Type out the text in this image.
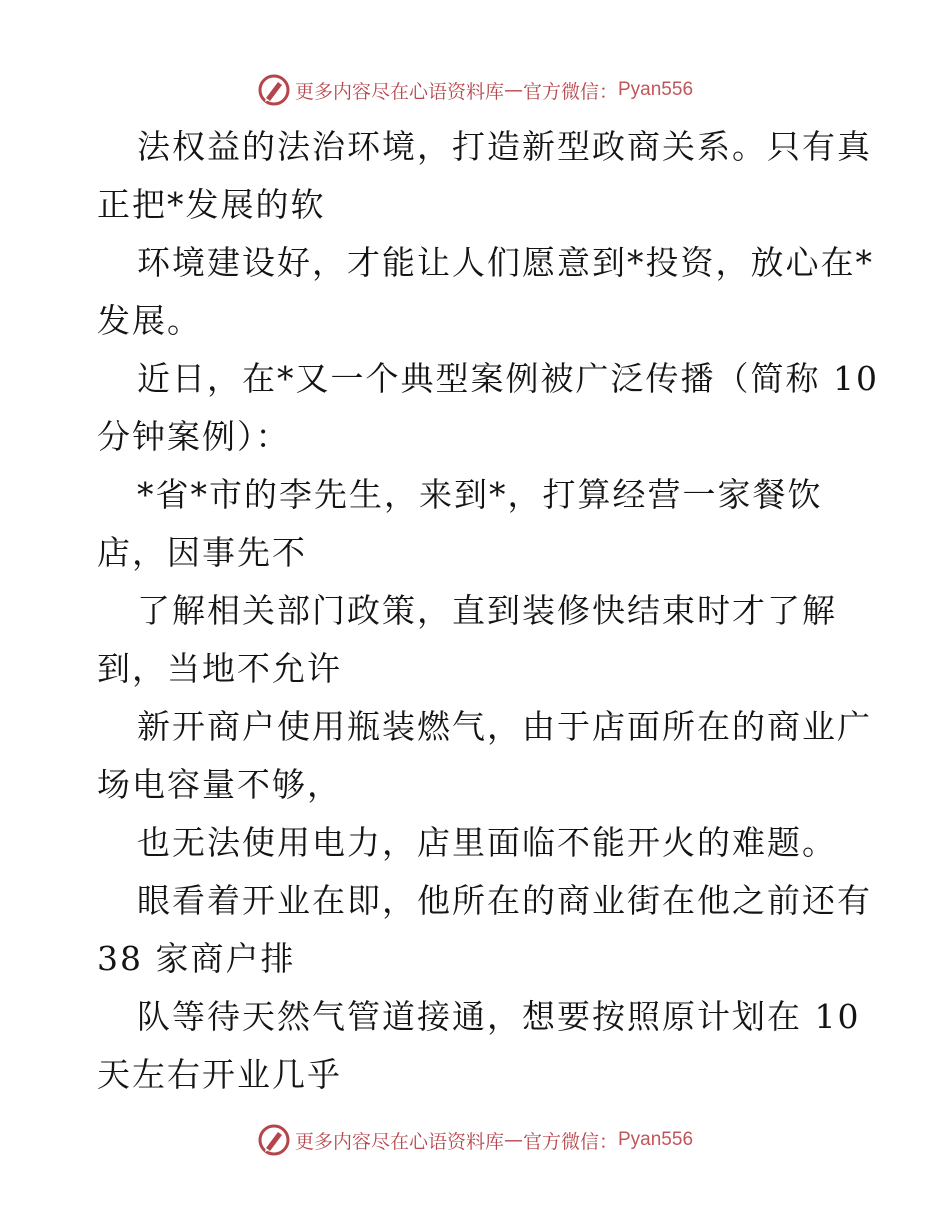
更多内容尽在心语资料库 — 官方微信： Pyan556
法权益的法治环境，打造新型政商关系。只有真
正把*发展的软
环境建设好，才能让人们愿意到*投资，放心在*
发展。
近日，在*又一个典型案例被广泛传播（简称 10
分钟案例）：
*省*市的李先生，来到*，打算经营一家餐饮
店，因事先不
了解相关部门政策，直到装修快结束时才了解
到，当地不允许
新开商户使用瓶装燃气，由于店面所在的商业广
场电容量不够，
也无法使用电力，店里面临不能开火的难题。
眼看着开业在即，他所在的商业街在他之前还有
38 家商户排
队等待天然气管道接通，想要按照原计划在 10
天左右开业几乎
更多内容尽在心语资料库 — 官方微信： Pyan556
